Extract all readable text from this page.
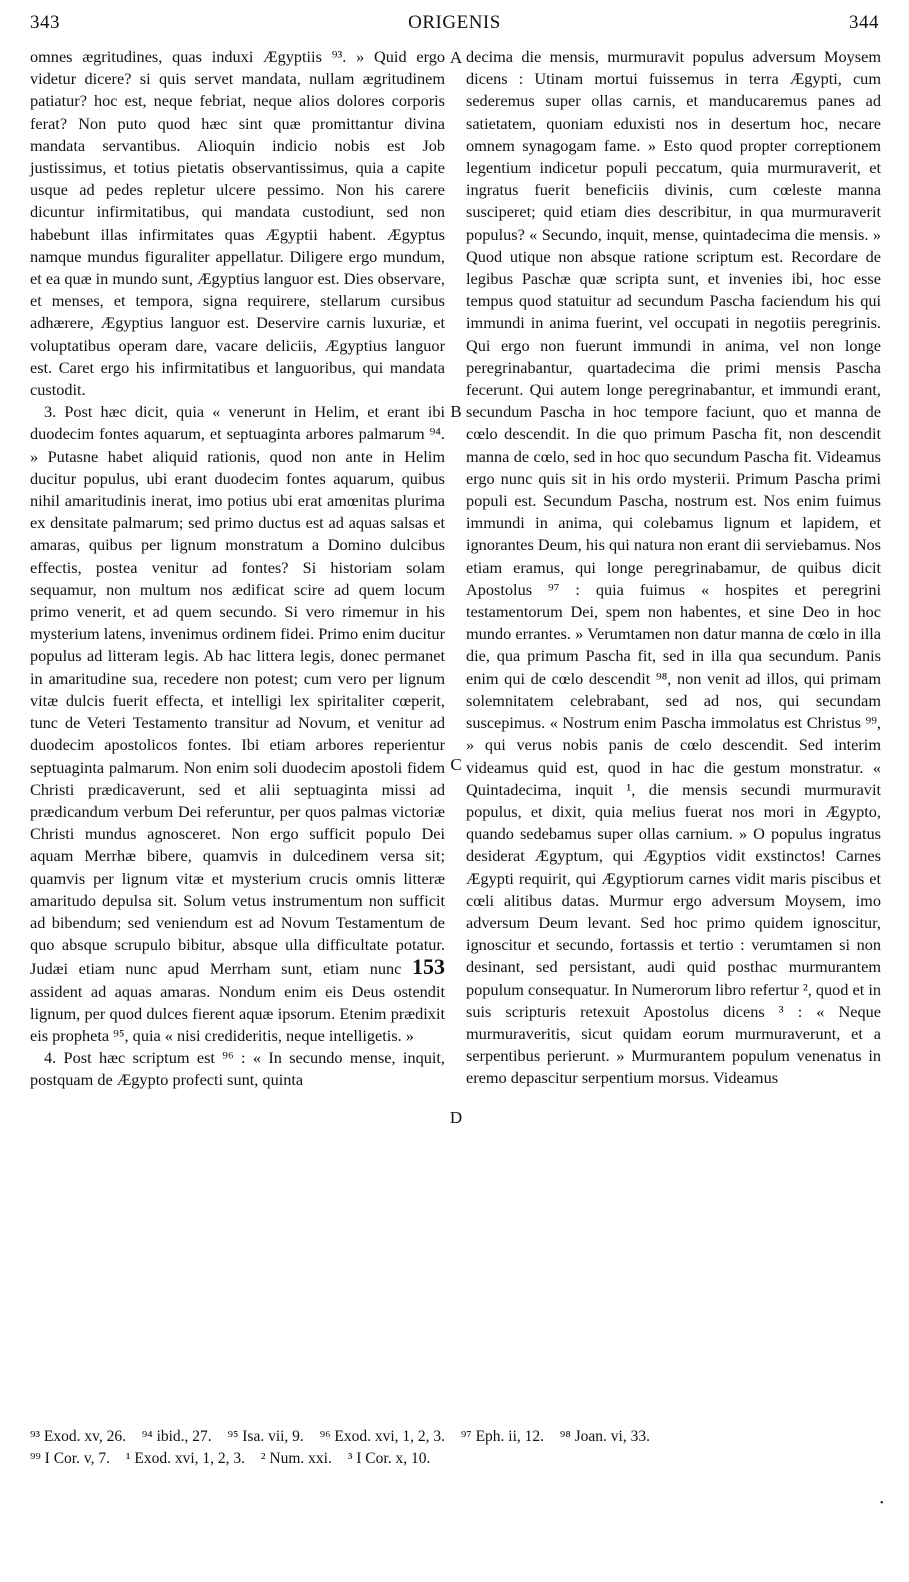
343	ORIGENIS	344

omnes ægritudines, quas induxi Ægyptiis ⁹³. » Quid ergo videtur dicere? si quis servet mandata, nullam ægritudinem patiatur? hoc est, neque febriat, neque alios dolores corporis ferat? Non puto quod hæc sint quæ promittantur divina mandata servantibus. Alioquin indicio nobis est Job justissimus, et totius pietatis observantissimus, quia a capite usque ad pedes repletur ulcere pessimo. Non his carere dicuntur infirmitatibus, qui mandata custodiunt, sed non habebunt illas infirmitates quas Ægyptii habent. Ægyptus namque mundus figuraliter appellatur. Diligere ergo mundum, et ea quæ in mundo sunt, Ægyptius languor est. Dies observare, et menses, et tempora, signa requirere, stellarum cursibus adhærere, Ægyptius languor est. Deservire carnis luxuriæ, et voluptatibus operam dare, vacare deliciis, Ægyptius languor est. Caret ergo his infirmitatibus et languoribus, qui mandata custodit.

3. Post hæc dicit, quia « venerunt in Helim, et erant ibi duodecim fontes aquarum, et septuaginta arbores palmarum ⁹⁴. » Putasne habet aliquid rationis, quod non ante in Helim ducitur populus, ubi erant duodecim fontes aquarum, quibus nihil amaritudinis inerat, imo potius ubi erat amœnitas plurima ex densitate palmarum; sed primo ductus est ad aquas salsas et amaras, quibus per lignum monstratum a Domino dulcibus effectis, postea venitur ad fontes? Si historiam solam sequamur, non multum nos ædificat scire ad quem locum primo venerit, et ad quem secundo. Si vero rimemur in his mysterium latens, invenimus ordinem fidei. Primo enim ducitur populus ad litteram legis. Ab hac littera legis, donec permanet in amaritudine sua, recedere non potest; cum vero per lignum vitæ dulcis fuerit effecta, et intelligi lex spiritaliter cœperit, tunc de Veteri Testamento transitur ad Novum, et venitur ad duodecim apostolicos fontes. Ibi etiam arbores reperientur septuaginta palmarum. Non enim soli duodecim apostoli fidem Christi prædicaverunt, sed et alii septuaginta missi ad prædicandum verbum Dei referuntur, per quos palmas victoriæ Christi mundus agnosceret. Non ergo sufficit populo Dei aquam Merrhæ bibere, quamvis in dulcedinem versa sit; quamvis per lignum vitæ et mysterium crucis omnis litteræ amaritudo depulsa sit. Solum vetus instrumentum non sufficit ad bibendum; sed veniendum est ad Novum Testamentum de quo absque scrupulo bibitur, absque ulla difficultate potatur. Judæi etiam nunc apud Merrham sunt, etiam nunc 153 assident ad aquas amaras. Nondum enim eis Deus ostendit lignum, per quod dulces fierent aquæ ipsorum. Etenim prædixit eis propheta ⁹⁵, quia « nisi credideritis, neque intelligetis. »

4. Post hæc scriptum est ⁹⁶ : « In secundo mense, inquit, postquam de Ægypto profecti sunt, quinta

A
B
C
D

decima die mensis, murmuravit populus adversum Moysem dicens : Utinam mortui fuissemus in terra Ægypti, cum sederemus super ollas carnis, et manducaremus panes ad satietatem, quoniam eduxisti nos in desertum hoc, necare omnem synagogam fame. » Esto quod propter correptionem legentium indicetur populi peccatum, quia murmuraverit, et ingratus fuerit beneficiis divinis, cum cœleste manna susciperet; quid etiam dies describitur, in qua murmuraverit populus? « Secundo, inquit, mense, quintadecima die mensis. » Quod utique non absque ratione scriptum est. Recordare de legibus Paschæ quæ scripta sunt, et invenies ibi, hoc esse tempus quod statuitur ad secundum Pascha faciendum his qui immundi in anima fuerint, vel occupati in negotiis peregrinis. Qui ergo non fuerunt immundi in anima, vel non longe peregrinabantur, quartadecima die primi mensis Pascha fecerunt. Qui autem longe peregrinabantur, et immundi erant, secundum Pascha in hoc tempore faciunt, quo et manna de cœlo descendit. In die quo primum Pascha fit, non descendit manna de cœlo, sed in hoc quo secundum Pascha fit. Videamus ergo nunc quis sit in his ordo mysterii. Primum Pascha primi populi est. Secundum Pascha, nostrum est. Nos enim fuimus immundi in anima, qui colebamus lignum et lapidem, et ignorantes Deum, his qui natura non erant dii serviebamus. Nos etiam eramus, qui longe peregrinabamur, de quibus dicit Apostolus ⁹⁷ : quia fuimus « hospites et peregrini testamentorum Dei, spem non habentes, et sine Deo in hoc mundo errantes. » Verumtamen non datur manna de cœlo in illa die, qua primum Pascha fit, sed in illa qua secundum. Panis enim qui de cœlo descendit ⁹⁸, non venit ad illos, qui primam solemnitatem celebrabant, sed ad nos, qui secundam suscepimus. « Nostrum enim Pascha immolatus est Christus ⁹⁹, » qui verus nobis panis de cœlo descendit. Sed interim videamus quid est, quod in hac die gestum monstratur. « Quintadecima, inquit ¹, die mensis secundi murmuravit populus, et dixit, quia melius fuerat nos mori in Ægypto, quando sedebamus super ollas carnium. » O populus ingratus desiderat Ægyptum, qui Ægyptios vidit exstinctos! Carnes Ægypti requirit, qui Ægyptiorum carnes vidit maris piscibus et cœli alitibus datas. Murmur ergo adversum Moysem, imo adversum Deum levant. Sed hoc primo quidem ignoscitur, ignoscitur et secundo, fortassis et tertio : verumtamen si non desinant, sed persistant, audi quid posthac murmurantem populum consequatur. In Numerorum libro refertur ², quod et in suis scripturis retexuit Apostolus dicens ³ : « Neque murmuraveritis, sicut quidam eorum murmuraverunt, et a serpentibus perierunt. » Murmurantem populum venenatus in eremo depascitur serpentium morsus. Videamus

⁹³ Exod. xv, 26. ⁹⁴ ibid., 27. ⁹⁵ Isa. vii, 9. ⁹⁶ Exod. xvi, 1, 2, 3. ⁹⁷ Eph. ii, 12. ⁹⁸ Joan. vi, 33.
⁹⁹ I Cor. v, 7. ¹ Exod. xvi, 1, 2, 3. ² Num. xxi. ³ I Cor. x, 10.
•
